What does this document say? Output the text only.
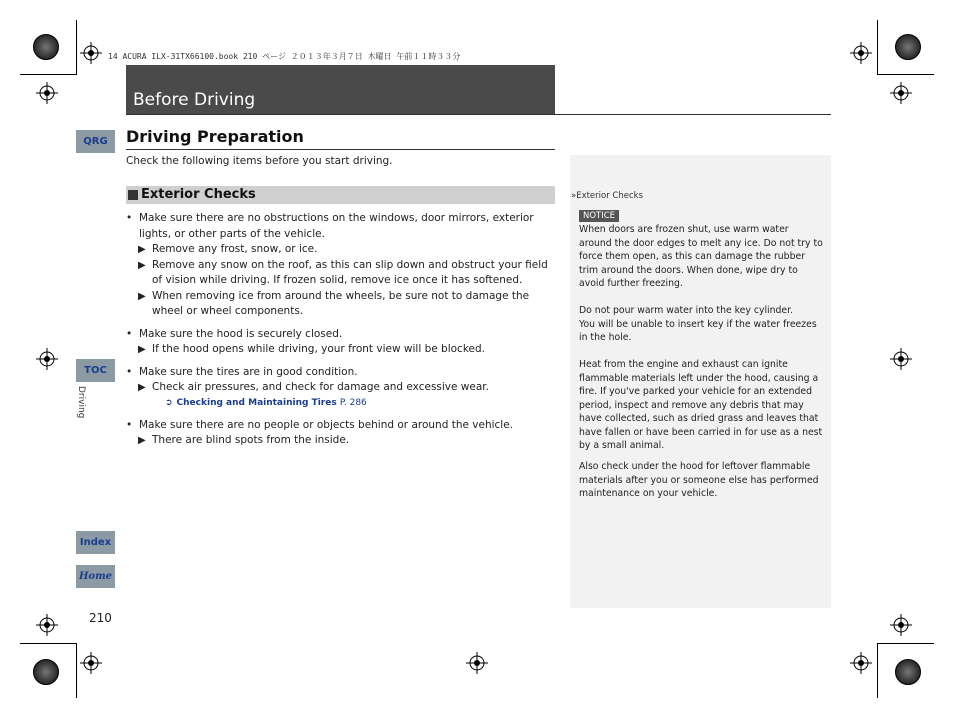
14 ACURA ILX-31TX66100.book 210 ページ ２０１３年３月７日 木曜日 午前１１時３３分
Before Driving
QRG
TOC
Driving
Index
Home
210
Driving Preparation
Check the following items before you start driving.
Exterior Checks

• Make sure there are no obstructions on the windows, door mirrors, exterior lights, or other parts of the vehicle.

▶ Remove any frost, snow, or ice.

▶ Remove any snow on the roof, as this can slip down and obstruct your field of vision while driving. If frozen solid, remove ice once it has softened.

▶ When removing ice from around the wheels, be sure not to damage the wheel or wheel components.

• Make sure the hood is securely closed.

▶ If the hood opens while driving, your front view will be blocked.

• Make sure the tires are in good condition.

▶ Check air pressures, and check for damage and excessive wear.

➲ Checking and Maintaining Tires P. 286

• Make sure there are no people or objects behind or around the vehicle.

▶ There are blind spots from the inside.

»Exterior Checks
NOTICE

When doors are frozen shut, use warm water around the door edges to melt any ice. Do not try to force them open, as this can damage the rubber trim around the doors. When done, wipe dry to avoid further freezing.

Do not pour warm water into the key cylinder.
You will be unable to insert key if the water freezes in the hole.

Heat from the engine and exhaust can ignite flammable materials left under the hood, causing a fire. If you've parked your vehicle for an extended period, inspect and remove any debris that may have collected, such as dried grass and leaves that have fallen or have been carried in for use as a nest by a small animal.

Also check under the hood for leftover flammable materials after you or someone else has performed maintenance on your vehicle.
